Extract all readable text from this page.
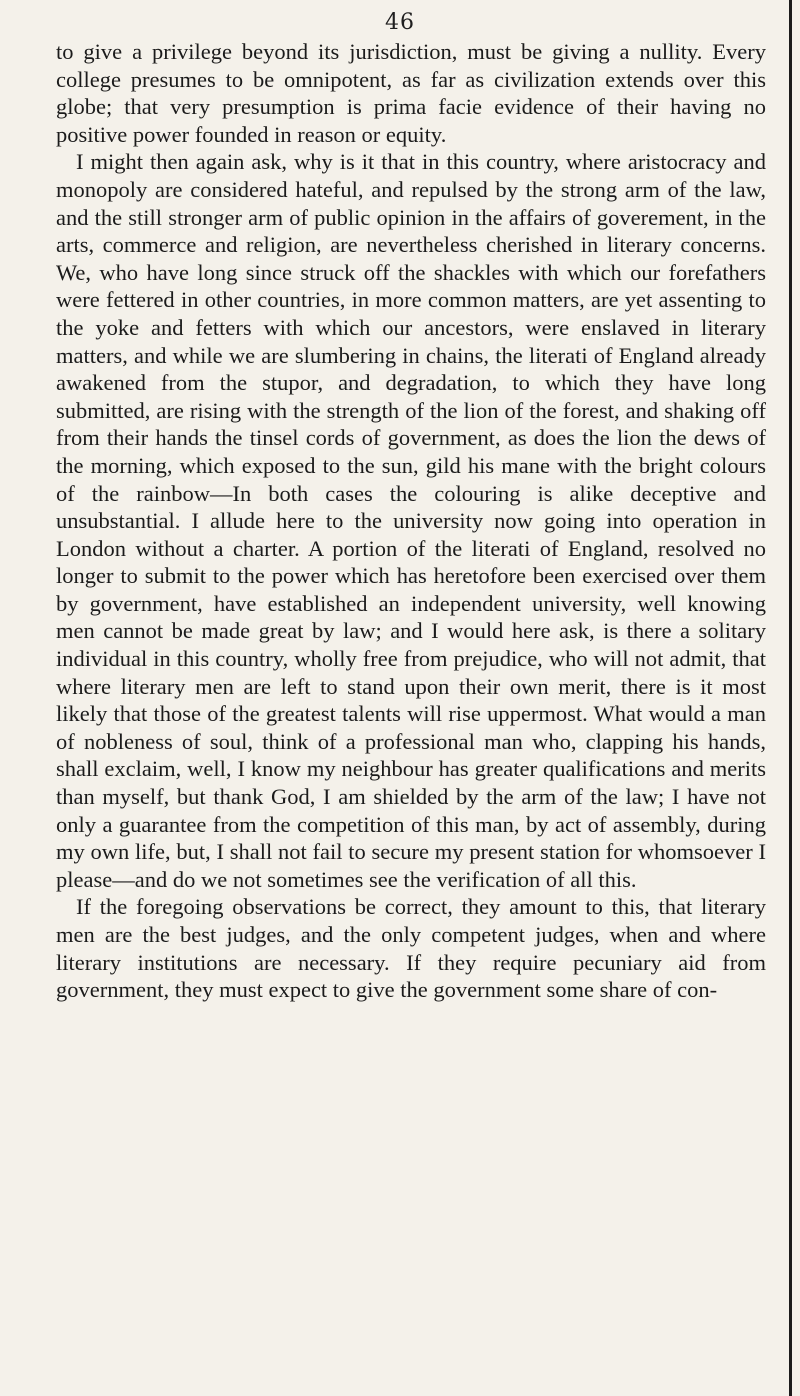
46

to give a privilege beyond its jurisdiction, must be giving a nullity. Every college presumes to be omnipotent, as far as civilization extends over this globe; that very presumption is prima facie evidence of their having no positive power founded in reason or equity.

I might then again ask, why is it that in this country, where aristocracy and monopoly are considered hateful, and repulsed by the strong arm of the law, and the still stronger arm of public opinion in the affairs of goverement, in the arts, commerce and religion, are nevertheless cherished in literary concerns. We, who have long since struck off the shackles with which our forefathers were fettered in other countries, in more common matters, are yet assenting to the yoke and fetters with which our ancestors, were enslaved in literary matters, and while we are slumbering in chains, the literati of England already awakened from the stupor, and degradation, to which they have long submitted, are rising with the strength of the lion of the forest, and shaking off from their hands the tinsel cords of government, as does the lion the dews of the morning, which exposed to the sun, gild his mane with the bright colours of the rainbow—In both cases the colouring is alike deceptive and unsubstantial. I allude here to the university now going into operation in London without a charter. A portion of the literati of England, resolved no longer to submit to the power which has heretofore been exercised over them by government, have established an independent university, well knowing men cannot be made great by law; and I would here ask, is there a solitary individual in this country, wholly free from prejudice, who will not admit, that where literary men are left to stand upon their own merit, there is it most likely that those of the greatest talents will rise uppermost. What would a man of nobleness of soul, think of a professional man who, clapping his hands, shall exclaim, well, I know my neighbour has greater qualifications and merits than myself, but thank God, I am shielded by the arm of the law; I have not only a guarantee from the competition of this man, by act of assembly, during my own life, but, I shall not fail to secure my present station for whomsoever I please—and do we not sometimes see the verification of all this.

If the foregoing observations be correct, they amount to this, that literary men are the best judges, and the only competent judges, when and where literary institutions are necessary. If they require pecuniary aid from government, they must expect to give the government some share of con-
